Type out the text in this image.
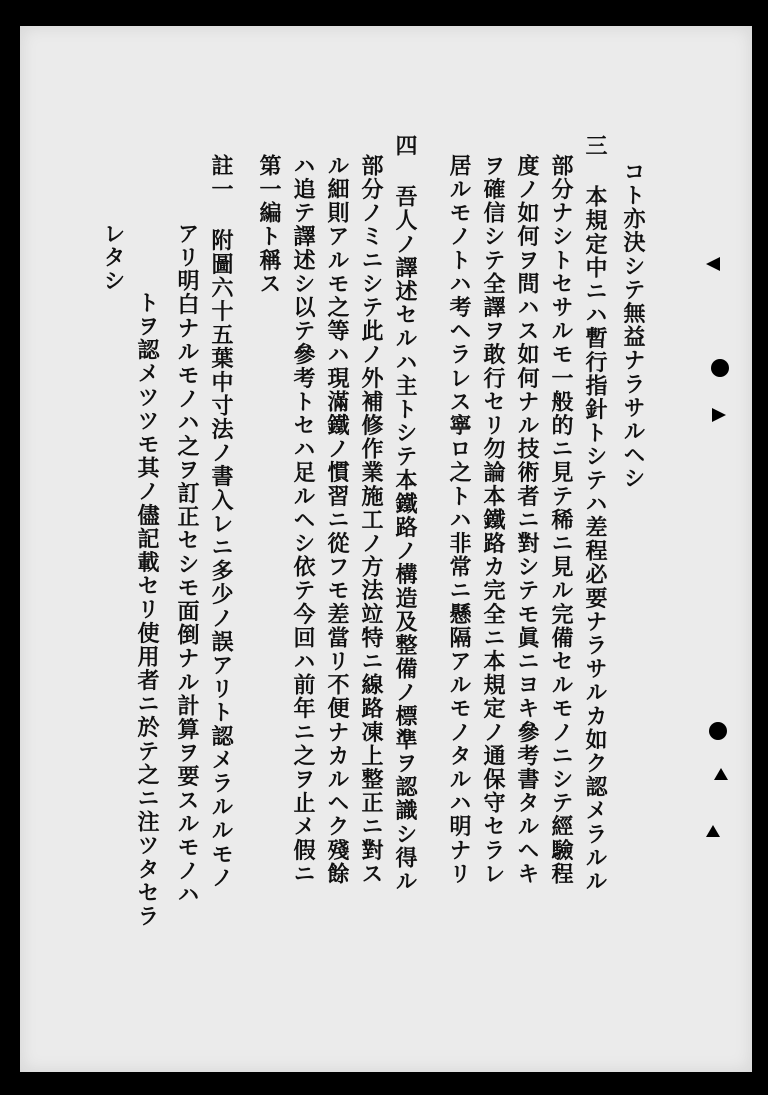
コト亦決シテ無益ナラサルヘシ
三 本規定中ニハ暫行指針トシテハ差程必要ナラサルカ如ク認メラルル
部分ナシトセサルモ一般的ニ見テ稀ニ見ル完備セルモノニシテ經驗程
度ノ如何ヲ問ハス如何ナル技術者ニ對シテモ眞ニヨキ參考書タルヘキ
ヲ確信シテ全譯ヲ敢行セリ勿論本鐵路カ完全ニ本規定ノ通保守セラレ
居ルモノトハ考ヘラレス寧ロ之トハ非常ニ懸隔アルモノタルハ明ナリ
四 吾人ノ譯述セルハ主トシテ本鐵路ノ構造及整備ノ標準ヲ認識シ得ル
部分ノミニシテ此ノ外補修作業施工ノ方法竝特ニ線路凍上整正ニ對ス
ル細則アルモ之等ハ現滿鐵ノ慣習ニ從フモ差當リ不便ナカルヘク殘餘
ハ追テ譯述シ以テ參考トセハ足ルヘシ依テ今回ハ前年ニ之ヲ止メ假ニ
第一編ト稱ス
註一 附圖六十五葉中寸法ノ書入レニ多少ノ誤アリト認メラルルモノ
アリ明白ナルモノハ之ヲ訂正セシモ面倒ナル計算ヲ要スルモノハ
トヲ認メツツモ其ノ儘記載セリ使用者ニ於テ之ニ注ツタセラ
レタシ
